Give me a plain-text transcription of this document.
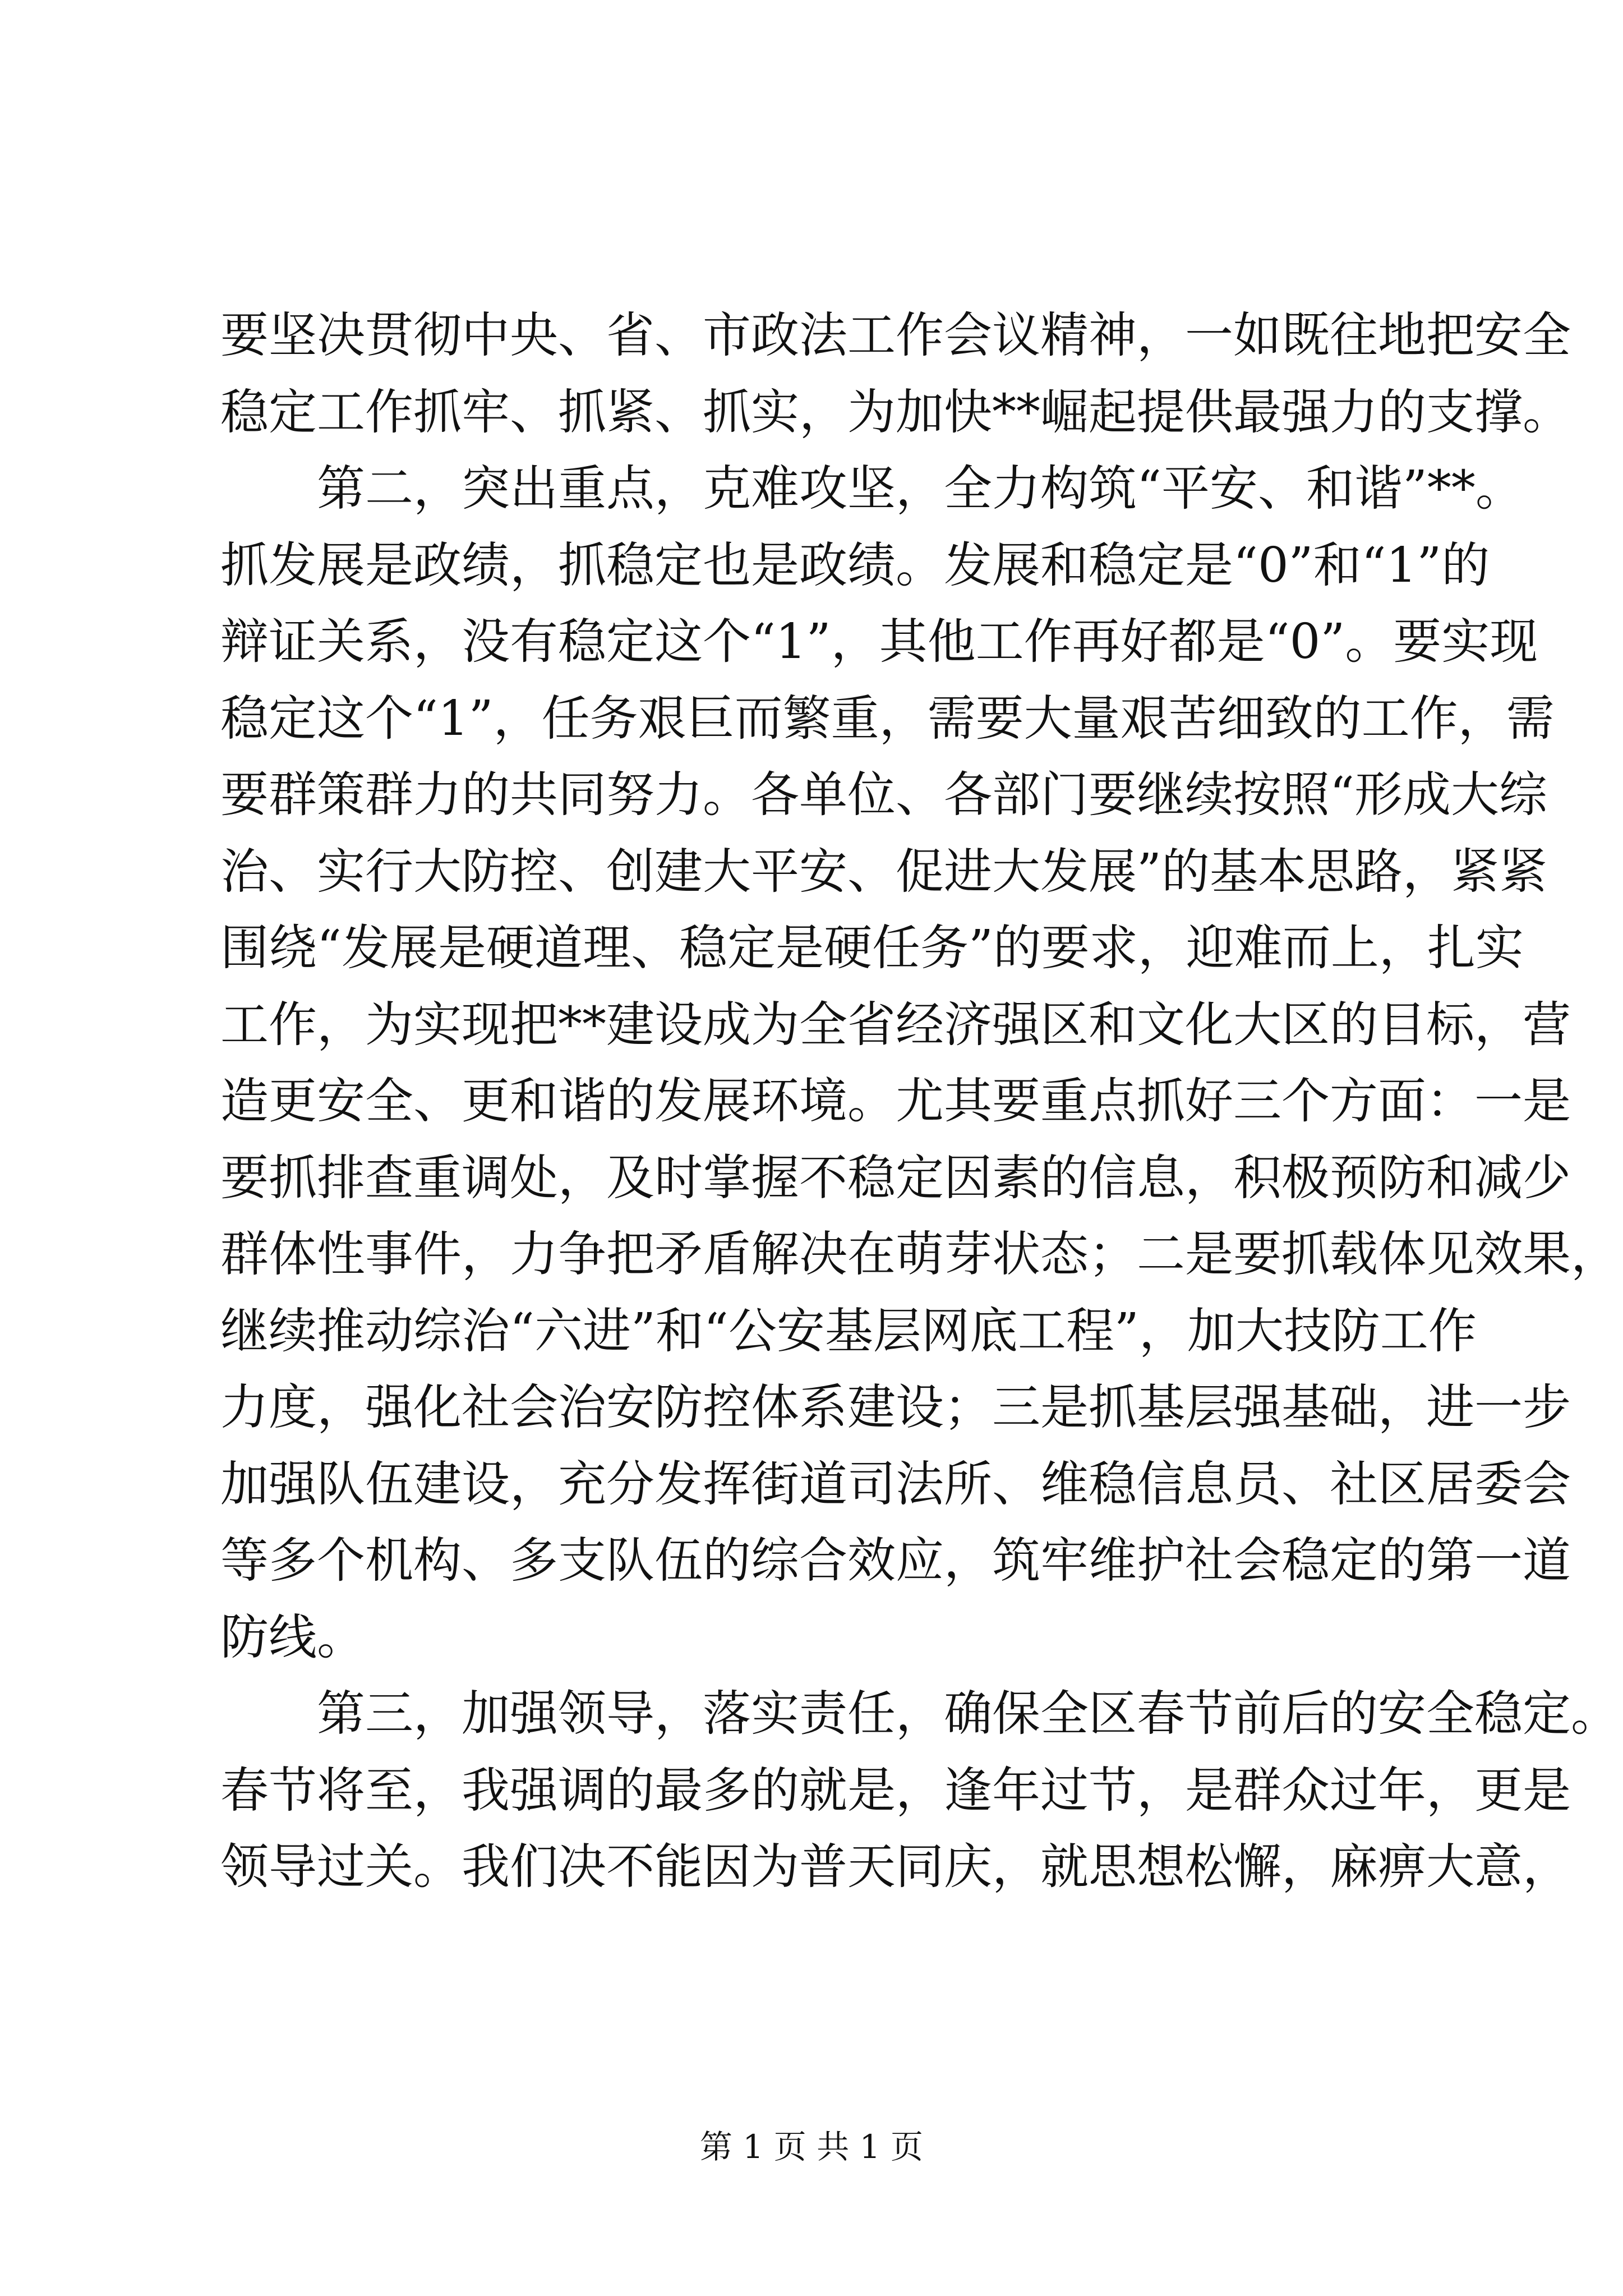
要坚决贯彻中央、省、市政法工作会议精神，一如既往地把安全
稳定工作抓牢、抓紧、抓实，为加快**崛起提供最强力的支撑。
第二，突出重点，克难攻坚，全力构筑“平安、和谐”**。
抓发展是政绩，抓稳定也是政绩。发展和稳定是“0”和“1”的
辩证关系，没有稳定这个“1”，其他工作再好都是“0”。要实现
稳定这个“1”，任务艰巨而繁重，需要大量艰苦细致的工作，需
要群策群力的共同努力。各单位、各部门要继续按照“形成大综
治、实行大防控、创建大平安、促进大发展”的基本思路，紧紧
围绕“发展是硬道理、稳定是硬任务”的要求，迎难而上，扎实
工作，为实现把**建设成为全省经济强区和文化大区的目标，营
造更安全、更和谐的发展环境。尤其要重点抓好三个方面：一是
要抓排查重调处，及时掌握不稳定因素的信息，积极预防和减少
群体性事件，力争把矛盾解决在萌芽状态；二是要抓载体见效果，
继续推动综治“六进”和“公安基层网底工程”，加大技防工作
力度，强化社会治安防控体系建设；三是抓基层强基础，进一步
加强队伍建设，充分发挥街道司法所、维稳信息员、社区居委会
等多个机构、多支队伍的综合效应，筑牢维护社会稳定的第一道
防线。
第三，加强领导，落实责任，确保全区春节前后的安全稳定。
春节将至，我强调的最多的就是，逢年过节，是群众过年，更是
领导过关。我们决不能因为普天同庆，就思想松懈，麻痹大意，
第 1 页 共 1 页
